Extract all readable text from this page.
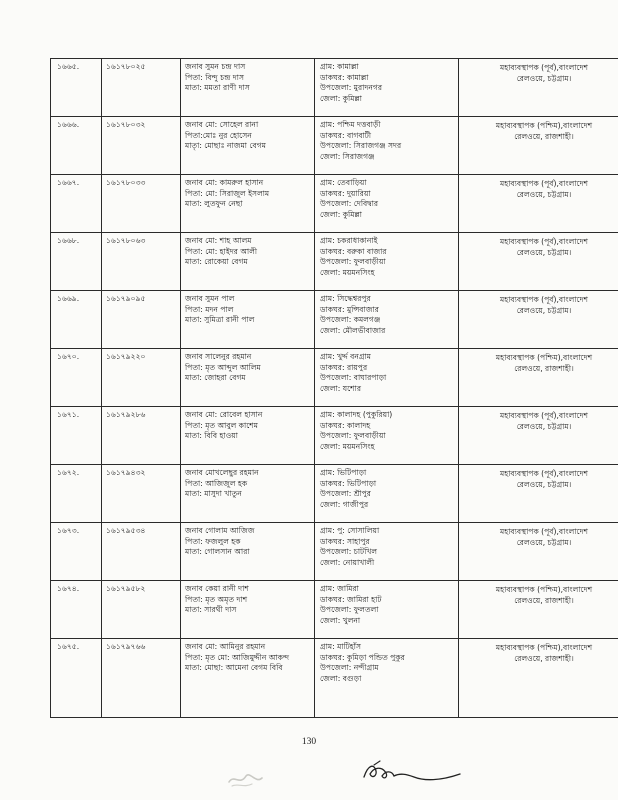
১৬৬৫.	১৬১৭৮০২৫	জনাব সুমন চন্দ্র দাস
পিতা: বিন্দু চন্দ্র দাস
মাতা: মমতা রাণী দাস	গ্রাম: কামাল্লা
ডাকঘর: কামাল্লা
উপজেলা: মুরাদনগর
জেলা: কুমিল্লা	মহাব্যবস্থাপক (পূর্ব),বাংলাদেশ
রেলওয়ে, চট্টগ্রাম।

১৬৬৬.	১৬১৭৮০৩২	জনাব মো: সোহেল রানা
পিতা:মোঃ নুর হোসেন
মাতৃা: মোছাঃ নাজমা বেগম	গ্রাম: পশ্চিম দত্তবাড়ী
ডাকঘর: বাগবাটী
উপজেলা: সিরাজগঞ্জ সদর
জেলা: সিরাজগঞ্জ	মহাব্যবস্থাপক (পশ্চিম),বাংলাদেশ
রেলওয়ে, রাজশাহী।

১৬৬৭.	১৬১৭৮০৩৩	জনাব মো: কামরুল হাসান
পিতা: মো: সিরাজুল ইসলাম
মাতা: লুতফুন নেছা	গ্রাম: তেবাড়িয়া
ডাকঘর: দুয়ারিয়া
উপজেলা: দেবিদ্বার
জেলা: কুমিল্লা	মহাব্যবস্থাপক (পূর্ব),বাংলাদেশ
রেলওয়ে, চট্টগ্রাম।

১৬৬৮.	১৬১৭৮০৬৩	জনাব মো: শাহ আলম
পিতা: মো: হাইদর আলী
মাতা: রোকেয়া বেগম	গ্রাম: চকরাধাকানাই
ডাকঘর: বরুকা বাজার
উপজেলা: ফুলবাড়ীয়া
জেলা: ময়মনসিংহ	মহাব্যবস্থাপক (পূর্ব),বাংলাদেশ
রেলওয়ে, চট্টগ্রাম।

১৬৬৯.	১৬১৭৯০৯৫	জনাব সুমন পাল
পিতা: মদন পাল
মাতা: সুমিত্রা রানী পাল	গ্রাম: সিদ্ধেশ্বরপুর
ডাকঘর: মুন্সিবাজার
উপজেলা: কমলগঞ্জ
জেলা: মৌলভীবাজার	মহাব্যবস্থাপক (পূর্ব),বাংলাদেশ
রেলওয়ে, চট্টগ্রাম।

১৬৭০.	১৬১৭৯২২০	জনাব সালেনুর রহমান
পিতা: মৃত আব্দুল আলিম
মাতা: জোহরা বেগম	গ্রাম: খুর্দ্দ বনগ্রাম
ডাকঘর: রায়পুর
উপজেলা: বাঘারপাড়া
জেলা: যশোর	মহাব্যবস্থাপক (পশ্চিম),বাংলাদেশ
রেলওয়ে, রাজশাহী।

১৬৭১.	১৬১৭৯২৮৬	জনাব মো: রোবেল হাসান
পিতা: মৃত আবুল কাশেম
মাতা: বিবি হাওয়া	গ্রাম: কালাদহ (পুকুরিয়া)
ডাকঘর: কালাদহ
উপজেলা: ফুলবাড়ীয়া
জেলা: ময়মনসিংহ	মহাব্যবস্থাপক (পূর্ব),বাংলাদেশ
রেলওয়ে, চট্টগ্রাম।

১৬৭২.	১৬১৭৯৪৩২	জনাব মোখলেছুর রহমান
পিতা: আজিজুল হক
মাতা: মাসুদা খাতুন	গ্রাম: ভিটিপাড়া
ডাকঘর: ভিটিপাড়া
উপজেলা: শ্রীপুর
জেলা: গাজীপুর	মহাব্যবস্থাপক (পূর্ব),বাংলাদেশ
রেলওয়ে, চট্টগ্রাম।

১৬৭৩.	১৬১৭৯৫৩৪	জনাব গোলাম আজিজ
পিতা: ফজলুল হক
মাতা: গোলসান আরা	গ্রাম: পু: সোসালিয়া
ডাকঘর: সাহাপুর
উপজেলা: চাটখিল
জেলা: নোয়াখালী	মহাব্যবস্থাপক (পূর্ব),বাংলাদেশ
রেলওয়ে, চট্টগ্রাম।

১৬৭৪.	১৬১৭৯৫৮২	জনাব কেয়া রানী দাশ
পিতা: মৃত অমৃত দাশ
মাতা: সারথী দাস	গ্রাম: জামিরা
ডাকঘর: জামিরা হাট
উপজেলা: ফুলতলা
জেলা: খুলনা	মহাব্যবস্থাপক (পশ্চিম),বাংলাদেশ
রেলওয়ে, রাজশাহী।

১৬৭৫.	১৬১৭৯৭৬৬	জনাব মো: আমিনুর রহমান
পিতা: মৃত মো: আজিমুদ্দীন আকন্দ
মাতা: মোছা: আমেনা বেগম বিবি	গ্রাম: মাটিহাঁস
ডাকঘর: কুমিড়া পন্ডিত পুকুর
উপজেলা: নন্দীগ্রাম
জেলা: বগুড়া	মহাব্যবস্থাপক (পশ্চিম),বাংলাদেশ
রেলওয়ে, রাজশাহী।
130
